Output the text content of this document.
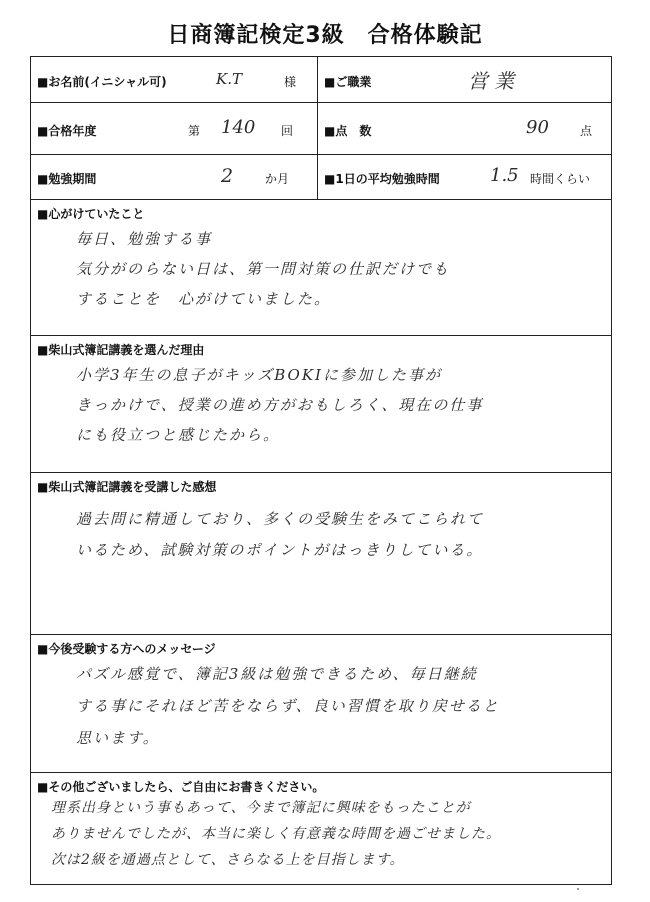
日商簿記検定3級　合格体験記
■お名前(イニシャル可)	K.T	様 ■ご職業	営業
■合格年度	第 140 回	■点　数	90	点
■勉強期間	2	か月	■1日の平均勉強時間	1.5 時間くらい
■心がけていたこと
毎日、勉強する事
気分がのらない日は、第一問対策の仕訳だけでも
することを　心がけていました。
■柴山式簿記講義を選んだ理由
小学3年生の息子がキッズBOKIに参加した事が
きっかけで、授業の進め方がおもしろく、現在の仕事
にも役立つと感じたから。
■柴山式簿記講義を受講した感想
過去問に精通しており、多くの受験生をみてこられて
いるため、試験対策のポイントがはっきりしている。
■今後受験する方へのメッセージ
パズル感覚で、簿記3級は勉強できるため、毎日継続
する事にそれほど苦をならず、良い習慣を取り戻せると
思います。
■その他ございましたら、ご自由にお書きください。
理系出身という事もあって、今まで簿記に興味をもったことが
ありませんでしたが、本当に楽しく有意義な時間を過ごせました。
次は2級を通過点として、さらなる上を目指します。
